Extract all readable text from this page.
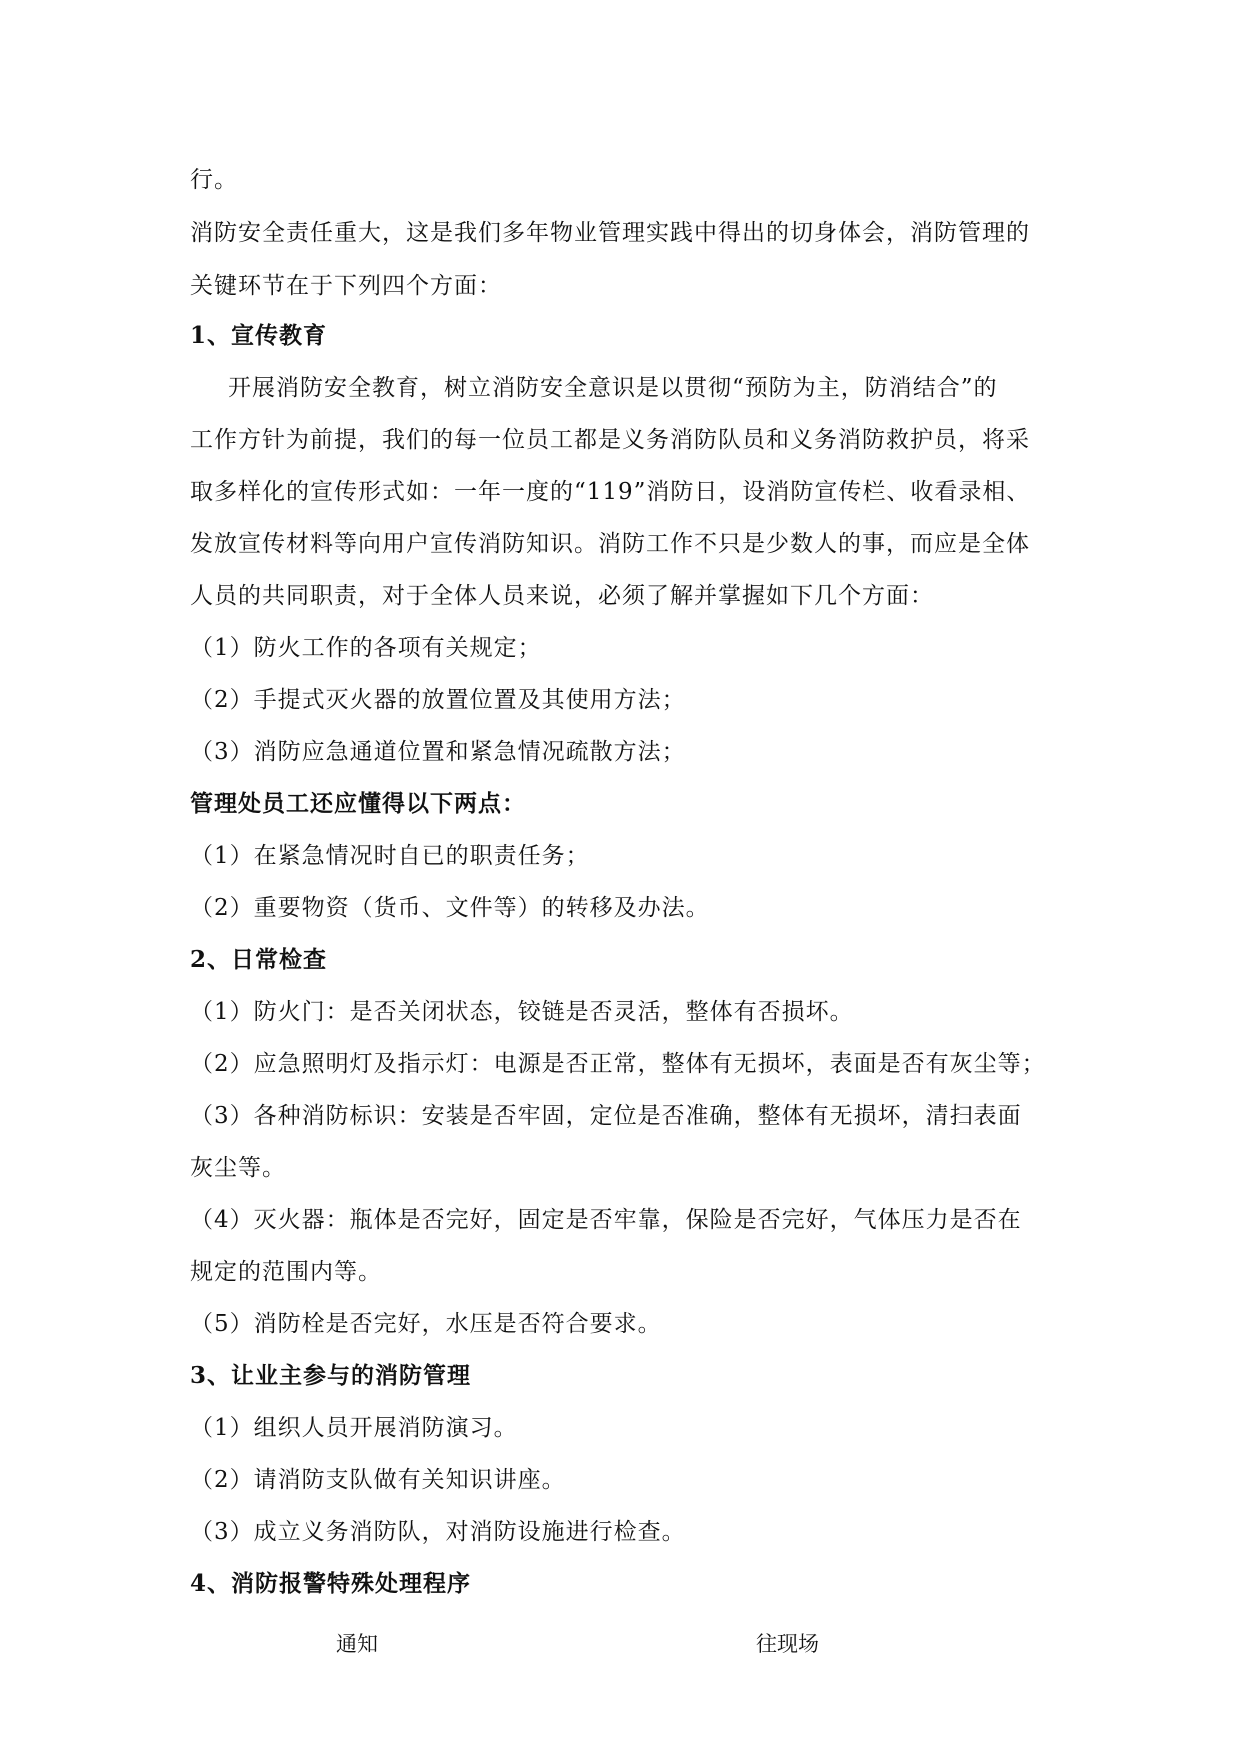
行。

消防安全责任重大，这是我们多年物业管理实践中得出的切身体会，消防管理的

关键环节在于下列四个方面：

1、宣传教育

开展消防安全教育，树立消防安全意识是以贯彻“预防为主，防消结合”的

工作方针为前提，我们的每一位员工都是义务消防队员和义务消防救护员，将采

取多样化的宣传形式如：一年一度的“119”消防日，设消防宣传栏、收看录相、

发放宣传材料等向用户宣传消防知识。消防工作不只是少数人的事，而应是全体

人员的共同职责，对于全体人员来说，必须了解并掌握如下几个方面：

（1）防火工作的各项有关规定；

（2）手提式灭火器的放置位置及其使用方法；

（3）消防应急通道位置和紧急情况疏散方法；

管理处员工还应懂得以下两点：

（1）在紧急情况时自已的职责任务；

（2）重要物资（货币、文件等）的转移及办法。

2、日常检查

（1）防火门：是否关闭状态，铰链是否灵活，整体有否损坏。

（2）应急照明灯及指示灯：电源是否正常，整体有无损坏，表面是否有灰尘等；

（3）各种消防标识：安装是否牢固，定位是否准确，整体有无损坏，清扫表面

灰尘等。

（4）灭火器：瓶体是否完好，固定是否牢靠，保险是否完好，气体压力是否在

规定的范围内等。

（5）消防栓是否完好，水压是否符合要求。

3、让业主参与的消防管理

（1）组织人员开展消防演习。

（2）请消防支队做有关知识讲座。

（3）成立义务消防队，对消防设施进行检查。

4、消防报警特殊处理程序

通知	往现场
